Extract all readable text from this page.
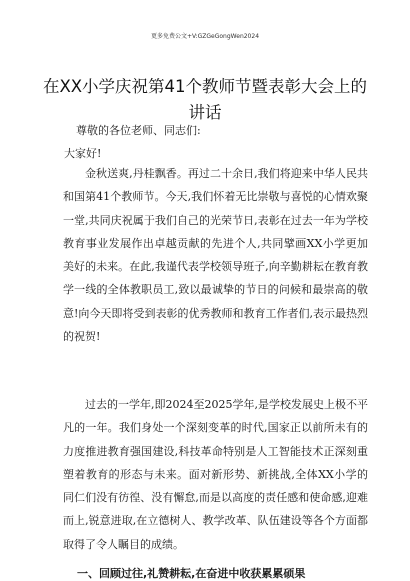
更多免费公文+V:GZGeGongWen2024
在XX小学庆祝第41个教师节暨表彰大会上的讲话
尊敬的各位老师、同志们:
大家好!

金秋送爽,丹桂飘香。再过二十余日,我们将迎来中华人民共和国第41个教师节。今天,我们怀着无比崇敬与喜悦的心情欢聚一堂,共同庆祝属于我们自己的光荣节日,表彰在过去一年为学校教育事业发展作出卓越贡献的先进个人,共同擘画XX小学更加美好的未来。在此,我谨代表学校领导班子,向辛勤耕耘在教育教学一线的全体教职员工,致以最诚挚的节日的问候和最崇高的敬意!向今天即将受到表彰的优秀教师和教育工作者们,表示最热烈的祝贺!

过去的一学年,即2024至2025学年,是学校发展史上极不平凡的一年。我们身处一个深刻变革的时代,国家正以前所未有的力度推进教育强国建设,科技革命特别是人工智能技术正深刻重塑着教育的形态与未来。面对新形势、新挑战,全体XX小学的同仁们没有彷徨、没有懈怠,而是以高度的责任感和使命感,迎难而上,锐意进取,在立德树人、教学改革、队伍建设等各个方面都取得了令人瞩目的成绩。

一、回顾过往,礼赞耕耘,在奋进中收获累累硕果
